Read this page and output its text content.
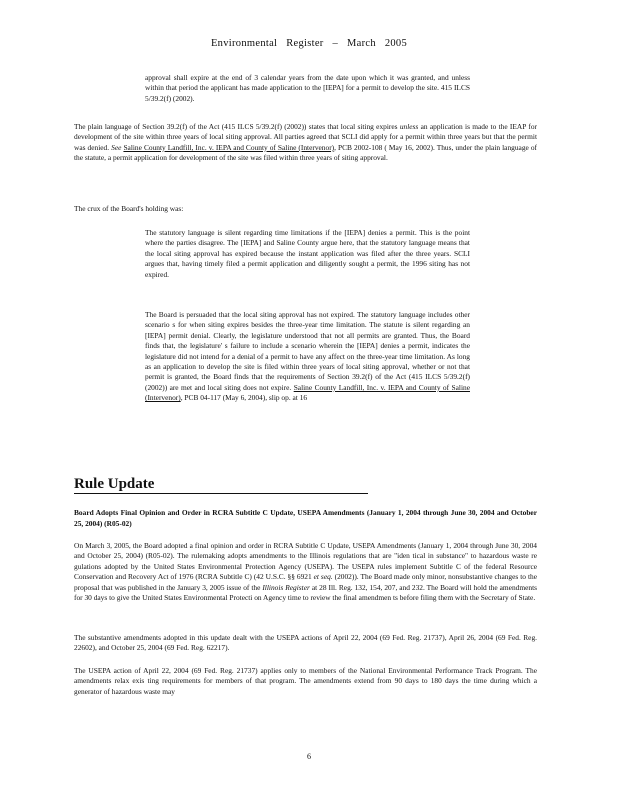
Environmental Register – March 2005

approval shall expire at the end of 3 calendar years from the date upon which it was granted, and unless within that period the applicant has made application to the [IEPA] for a permit to develop the site. 415 ILCS 5/39.2(f) (2002).

The plain language of Section 39.2(f) of the Act (415 ILCS 5/39.2(f) (2002)) states that local siting expires unless an application is made to the IEAP for development of the site within three years of local siting approval. All parties agreed that SCLI did apply for a permit within three years but that the permit was denied. See Saline County Landfill, Inc. v. IEPA and County of Saline (Intervenor), PCB 2002-108 ( May 16, 2002). Thus, under the plain language of the statute, a permit application for development of the site was filed within three years of siting approval.

The crux of the Board's holding was:

The statutory language is silent regarding time limitations if the [IEPA] denies a permit. This is the point where the parties disagree. The [IEPA] and Saline County argue here, that the statutory language means that the local siting approval has expired because the instant application was filed after the three years. SCLI argues that, having timely filed a permit application and diligently sought a permit, the 1996 siting has not expired.

The Board is persuaded that the local siting approval has not expired. The statutory language includes other scenario s for when siting expires besides the three-year time limitation. The statute is silent regarding an [IEPA] permit denial. Clearly, the legislature understood that not all permits are granted. Thus, the Board finds that, the legislature' s failure to include a scenario wherein the [IEPA] denies a permit, indicates the legislature did not intend for a denial of a permit to have any affect on the three-year time limitation. As long as an application to develop the site is filed within three years of local siting approval, whether or not that permit is granted, the Board finds that the requirements of Section 39.2(f) of the Act (415 ILCS 5/39.2(f) (2002)) are met and local siting does not expire. Saline County Landfill, Inc. v. IEPA and County of Saline (Intervenor), PCB 04-117 (May 6, 2004), slip op. at 16

Rule Update
Board Adopts Final Opinion and Order in RCRA Subtitle C Update, USEPA Amendments (January 1, 2004 through June 30, 2004 and October 25, 2004) (R05-02)

On March 3, 2005, the Board adopted a final opinion and order in RCRA Subtitle C Update, USEPA Amendments (January 1, 2004 through June 30, 2004 and October 25, 2004) (R05-02). The rulemaking adopts amendments to the Illinois regulations that are "iden tical in substance" to hazardous waste re gulations adopted by the United States Environmental Protection Agency (USEPA). The USEPA rules implement Subtitle C of the federal Resource Conservation and Recovery Act of 1976 (RCRA Subtitle C) (42 U.S.C. §§ 6921 et seq. (2002)). The Board made only minor, nonsubstantive changes to the proposal that was published in the January 3, 2005 issue of the Illinois Register at 28 Ill. Reg. 132, 154, 207, and 232. The Board will hold the amendments for 30 days to give the United States Environmental Protecti on Agency time to review the final amendmen ts before filing them with the Secretary of State.

The substantive amendments adopted in this update dealt with the USEPA actions of April 22, 2004 (69 Fed. Reg. 21737), April 26, 2004 (69 Fed. Reg. 22602), and October 25, 2004 (69 Fed. Reg. 62217).

The USEPA action of April 22, 2004 (69 Fed. Reg. 21737) applies only to members of the National Environmental Performance Track Program. The amendments relax exis ting requirements for members of that program. The amendments extend from 90 days to 180 days the time during which a generator of hazardous waste may

6
